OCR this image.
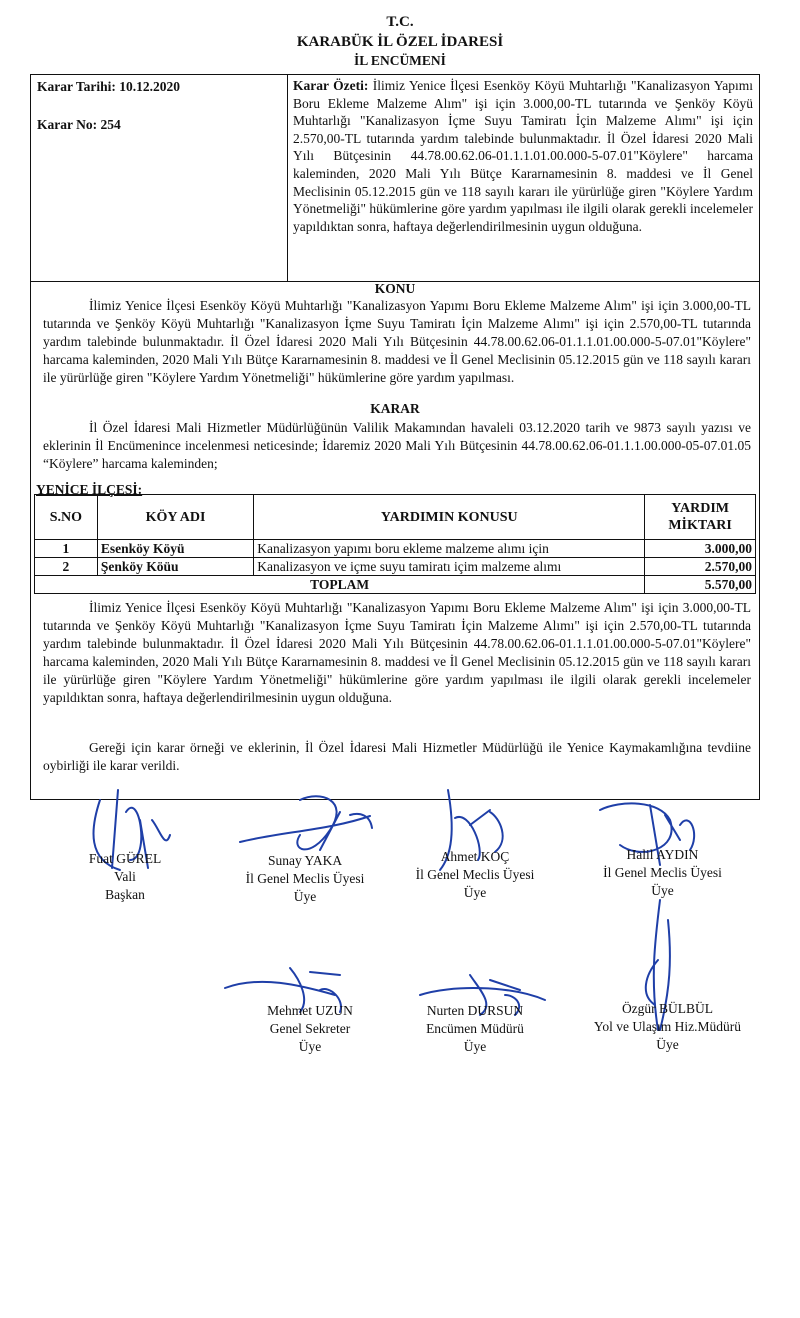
T.C.
KARABÜK İL ÖZEL İDARESİ
İL ENCÜMENİ
Karar Tarihi: 10.12.2020
Karar No: 254
Karar Özeti: İlimiz Yenice İlçesi Esenköy Köyü Muhtarlığı "Kanalizasyon Yapımı Boru Ekleme Malzeme Alım" işi için 3.000,00-TL tutarında ve Şenköy Köyü Muhtarlığı "Kanalizasyon İçme Suyu Tamiratı İçin Malzeme Alımı" işi için 2.570,00-TL tutarında yardım talebinde bulunmaktadır. İl Özel İdaresi 2020 Mali Yılı Bütçesinin 44.78.00.62.06-01.1.1.01.00.000-5-07.01"Köylere" harcama kaleminden, 2020 Mali Yılı Bütçe Kararnamesinin 8. maddesi ve İl Genel Meclisinin 05.12.2015 gün ve 118 sayılı kararı ile yürürlüğe giren "Köylere Yardım Yönetmeliği" hükümlerine göre yardım yapılması ile ilgili olarak gerekli incelemeler yapıldıktan sonra, haftaya değerlendirilmesinin uygun olduğuna.
KONU
İlimiz Yenice İlçesi Esenköy Köyü Muhtarlığı "Kanalizasyon Yapımı Boru Ekleme Malzeme Alım" işi için 3.000,00-TL tutarında ve Şenköy Köyü Muhtarlığı "Kanalizasyon İçme Suyu Tamiratı İçin Malzeme Alımı" işi için 2.570,00-TL tutarında yardım talebinde bulunmaktadır. İl Özel İdaresi 2020 Mali Yılı Bütçesinin 44.78.00.62.06-01.1.1.01.00.000-5-07.01"Köylere" harcama kaleminden, 2020 Mali Yılı Bütçe Kararnamesinin 8. maddesi ve İl Genel Meclisinin 05.12.2015 gün ve 118 sayılı kararı ile yürürlüğe giren "Köylere Yardım Yönetmeliği" hükümlerine göre yardım yapılması.
KARAR
İl Özel İdaresi Mali Hizmetler Müdürlüğünün Valilik Makamından havaleli 03.12.2020 tarih ve 9873 sayılı yazısı ve eklerinin İl Encümenince incelenmesi neticesinde; İdaremiz 2020 Mali Yılı Bütçesinin 44.78.00.62.06-01.1.1.00.000-05-07.01.05 “Köylere” harcama kaleminden;
YENİCE İLÇESİ:
S.NO	KÖY ADI	YARDIMIN KONUSU	YARDIM MİKTARI
1	Esenköy Köyü	Kanalizasyon yapımı boru ekleme malzeme alımı için	3.000,00
2	Şenköy Köüu	Kanalizasyon ve içme suyu tamiratı içim malzeme alımı	2.570,00
TOPLAM			5.570,00
İlimiz Yenice İlçesi Esenköy Köyü Muhtarlığı "Kanalizasyon Yapımı Boru Ekleme Malzeme Alım" işi için 3.000,00-TL tutarında ve Şenköy Köyü Muhtarlığı "Kanalizasyon İçme Suyu Tamiratı İçin Malzeme Alımı" işi için 2.570,00-TL tutarında yardım talebinde bulunmaktadır. İl Özel İdaresi 2020 Mali Yılı Bütçesinin 44.78.00.62.06-01.1.1.01.00.000-5-07.01"Köylere" harcama kaleminden, 2020 Mali Yılı Bütçe Kararnamesinin 8. maddesi ve İl Genel Meclisinin 05.12.2015 gün ve 118 sayılı kararı ile yürürlüğe giren "Köylere Yardım Yönetmeliği" hükümlerine göre yardım yapılması ile ilgili olarak gerekli incelemeler yapıldıktan sonra, haftaya değerlendirilmesinin uygun olduğuna.
Gereği için karar örneği ve eklerinin, İl Özel İdaresi Mali Hizmetler Müdürlüğü ile Yenice Kaymakamlığına tevdiine oybirliği ile karar verildi.
Fuat GÜREL
Vali
Başkan
Sunay YAKA
İl Genel Meclis Üyesi
Üye
Ahmet KOÇ
İl Genel Meclis Üyesi
Üye
Halil AYDIN
İl Genel Meclis Üyesi
Üye
Mehmet UZUN
Genel Sekreter
Üye
Nurten DURSUN
Encümen Müdürü
Üye
Özgür BÜLBÜL
Yol ve Ulaşım Hiz.Müdürü
Üye
